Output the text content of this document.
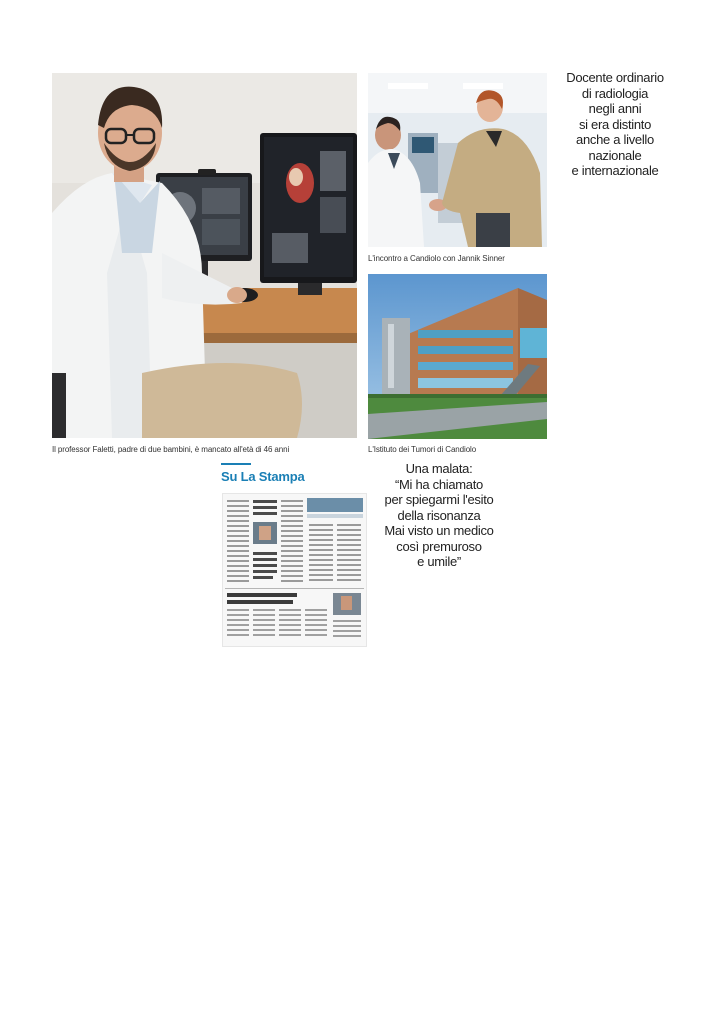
Il professor Faletti, padre di due bambini, è mancato all'età di 46 anni
L'incontro a Candiolo con Jannik Sinner
L'Istituto dei Tumori di Candiolo
Docente ordinario
di radiologia
negli anni
si era distinto
anche a livello
nazionale
e internazionale
Su La Stampa
Una malata:
“Mi ha chiamato
per spiegarmi l'esito
della risonanza
Mai visto un medico
così premuroso
e umile”
